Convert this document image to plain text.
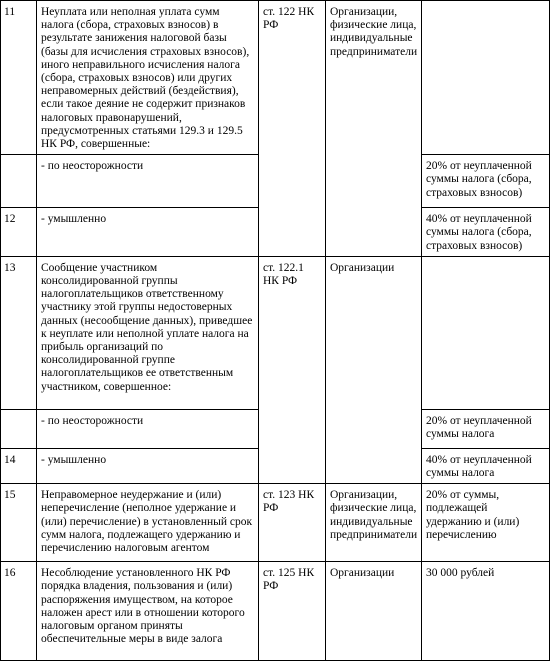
11	Неуплата или неполная уплата сумм налога (сбора, страховых взносов) в результате занижения налоговой базы (базы для исчисления страховых взносов), иного неправильного исчисления налога (сбора, страховых взносов) или других неправомерных действий (бездействия), если такое деяние не содержит признаков налоговых правонарушений, предусмотренных статьями 129.3 и 129.5 НК РФ, совершенные:	ст. 122 НК РФ	Организации, физические лица, индивидуальные предприниматели	
	- по неосторожности			20% от неуплаченной суммы налога (сбора, страховых взносов)
12	- умышленно			40% от неуплаченной суммы налога (сбора, страховых взносов)
13	Сообщение участником консолидированной группы налогоплательщиков ответственному участнику этой группы недостоверных данных (несообщение данных), приведшее к неуплате или неполной уплате налога на прибыль организаций по консолидированной группе налогоплательщиков ее ответственным участником, совершенное:	ст. 122.1 НК РФ	Организации	
	- по неосторожности			20% от неуплаченной суммы налога
14	- умышленно			40% от неуплаченной суммы налога
15	Неправомерное неудержание и (или) неперечисление (неполное удержание и (или) перечисление) в установленный срок сумм налога, подлежащего удержанию и перечислению налоговым агентом	ст. 123 НК РФ	Организации, физические лица, индивидуальные предприниматели	20% от суммы, подлежащей удержанию и (или) перечислению
16	Несоблюдение установленного НК РФ порядка владения, пользования и (или) распоряжения имуществом, на которое наложен арест или в отношении которого налоговым органом приняты обеспечительные меры в виде залога	ст. 125 НК РФ	Организации	30 000 рублей
